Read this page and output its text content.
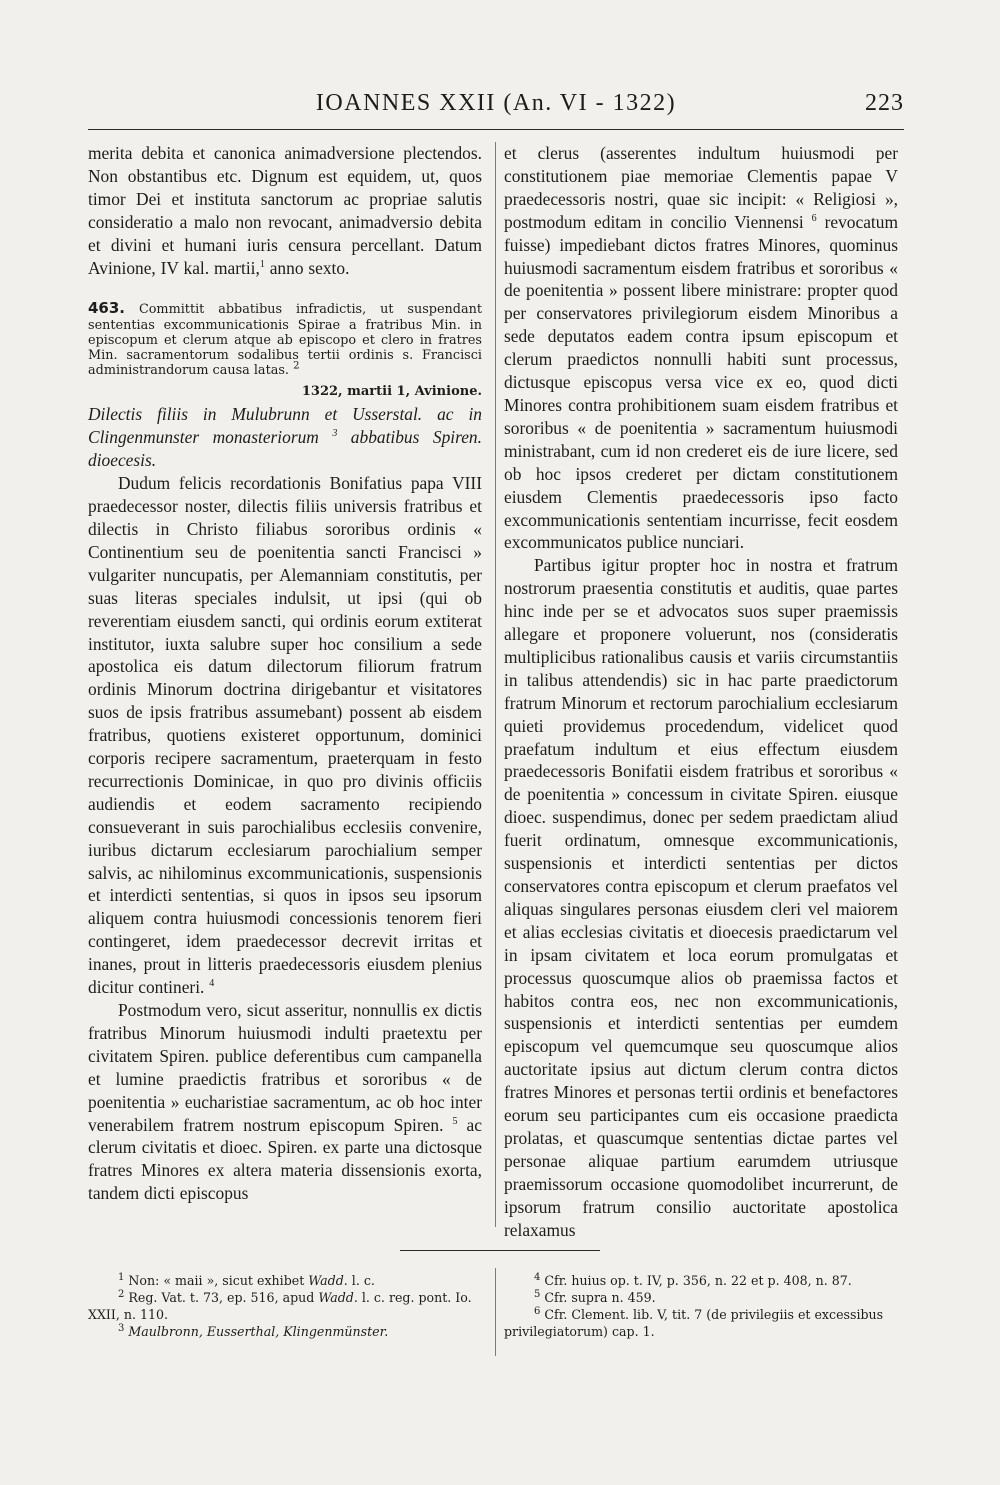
IOANNES XXII (An. VI - 1322)	223

merita debita et canonica animadversione plectendos. Non obstantibus etc. Dignum est equidem, ut, quos timor Dei et instituta sanctorum ac propriae salutis consideratio a malo non revocant, animadversio debita et divini et humani iuris censura percellant. Datum Avinione, IV kal. martii,$^1$ anno sexto.

463. Committit abbatibus infradictis, ut suspendant sententias excommunicationis Spirae a fratribus Min. in episcopum et clerum atque ab episcopo et clero in fratres Min. sacramentorum sodalibus tertii ordinis s. Francisci administrandorum causa latas. $^2$

1322, martii 1, Avinione.

Dilectis filiis in Mulubrunn et Usserstal. ac in Clingenmunster monasteriorum $^3$ abbatibus Spiren. dioecesis.

Dudum felicis recordationis Bonifatius papa VIII praedecessor noster, dilectis filiis universis fratribus et dilectis in Christo filiabus sororibus ordinis « Continentium seu de poenitentia sancti Francisci » vulgariter nuncupatis, per Alemanniam constitutis, per suas literas speciales indulsit, ut ipsi (qui ob reverentiam eiusdem sancti, qui ordinis eorum extiterat institutor, iuxta salubre super hoc consilium a sede apostolica eis datum dilectorum filiorum fratrum ordinis Minorum doctrina dirigebantur et visitatores suos de ipsis fratribus assumebant) possent ab eisdem fratribus, quotiens existeret opportunum, dominici corporis recipere sacramentum, praeterquam in festo recurrectionis Dominicae, in quo pro divinis officiis audiendis et eodem sacramento recipiendo consueverant in suis parochialibus ecclesiis convenire, iuribus dictarum ecclesiarum parochialium semper salvis, ac nihilominus excommunicationis, suspensionis et interdicti sententias, si quos in ipsos seu ipsorum aliquem contra huiusmodi concessionis tenorem fieri contingeret, idem praedecessor decrevit irritas et inanes, prout in litteris praedecessoris eiusdem plenius dicitur contineri. $^4$

Postmodum vero, sicut asseritur, nonnullis ex dictis fratribus Minorum huiusmodi indulti praetextu per civitatem Spiren. publice deferentibus cum campanella et lumine praedictis fratribus et sororibus « de poenitentia » eucharistiae sacramentum, ac ob hoc inter venerabilem fratrem nostrum episcopum Spiren. $^5$ ac clerum civitatis et dioec. Spiren. ex parte una dictosque fratres Minores ex altera materia dissensionis exorta, tandem dicti episcopus

et clerus (asserentes indultum huiusmodi per constitutionem piae memoriae Clementis papae V praedecessoris nostri, quae sic incipit: « Religiosi », postmodum editam in concilio Viennensi $^6$ revocatum fuisse) impediebant dictos fratres Minores, quominus huiusmodi sacramentum eisdem fratribus et sororibus « de poenitentia » possent libere ministrare: propter quod per conservatores privilegiorum eisdem Minoribus a sede deputatos eadem contra ipsum episcopum et clerum praedictos nonnulli habiti sunt processus, dictusque episcopus versa vice ex eo, quod dicti Minores contra prohibitionem suam eisdem fratribus et sororibus « de poenitentia » sacramentum huiusmodi ministrabant, cum id non crederet eis de iure licere, sed ob hoc ipsos crederet per dictam constitutionem eiusdem Clementis praedecessoris ipso facto excommunicationis sententiam incurrisse, fecit eosdem excommunicatos publice nunciari.

Partibus igitur propter hoc in nostra et fratrum nostrorum praesentia constitutis et auditis, quae partes hinc inde per se et advocatos suos super praemissis allegare et proponere voluerunt, nos (consideratis multiplicibus rationalibus causis et variis circumstantiis in talibus attendendis) sic in hac parte praedictorum fratrum Minorum et rectorum parochialium ecclesiarum quieti providemus procedendum, videlicet quod praefatum indultum et eius effectum eiusdem praedecessoris Bonifatii eisdem fratribus et sororibus « de poenitentia » concessum in civitate Spiren. eiusque dioec. suspendimus, donec per sedem praedictam aliud fuerit ordinatum, omnesque excommunicationis, suspensionis et interdicti sententias per dictos conservatores contra episcopum et clerum praefatos vel aliquas singulares personas eiusdem cleri vel maiorem et alias ecclesias civitatis et dioecesis praedictarum vel in ipsam civitatem et loca eorum promulgatas et processus quoscumque alios ob praemissa factos et habitos contra eos, nec non excommunicationis, suspensionis et interdicti sententias per eumdem episcopum vel quemcumque seu quoscumque alios auctoritate ipsius aut dictum clerum contra dictos fratres Minores et personas tertii ordinis et benefactores eorum seu participantes cum eis occasione praedicta prolatas, et quascumque sententias dictae partes vel personae aliquae partium earumdem utriusque praemissorum occasione quomodolibet incurrerunt, de ipsorum fratrum consilio auctoritate apostolica relaxamus

$^1$ Non: « maii », sicut exhibet Wadd. l. c.

$^2$ Reg. Vat. t. 73, ep. 516, apud Wadd. l. c. reg. pont. Io. XXII, n. 110.

$^3$ Maulbronn, Eusserthal, Klingenmünster.

$^4$ Cfr. huius op. t. IV, p. 356, n. 22 et p. 408, n. 87.

$^5$ Cfr. supra n. 459.

$^6$ Cfr. Clement. lib. V, tit. 7 (de privilegiis et excessibus privilegiatorum) cap. 1.
